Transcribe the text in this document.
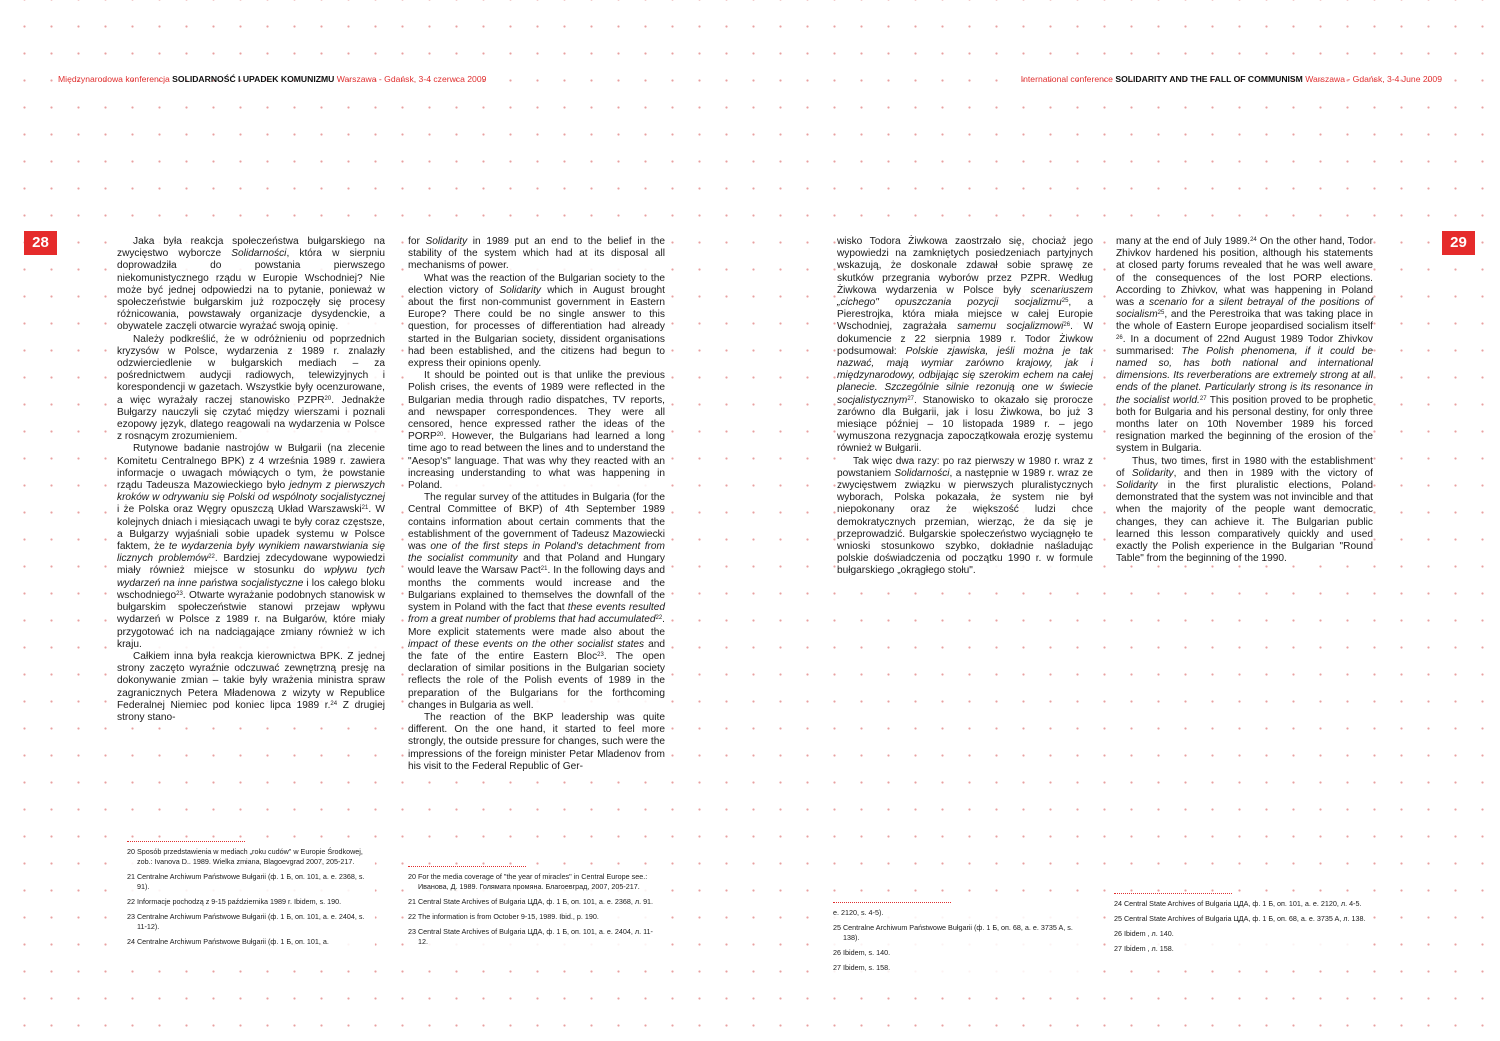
Międzynarodowa konferencja SOLIDARNOŚĆ I UPADEK KOMUNIZMU Warszawa - Gdańsk, 3-4 czerwca 2009	International conference SOLIDARITY AND THE FALL OF COMMUNISM Warszawa - Gdańsk, 3-4 June 2009
28	29

Jaka była reakcja społeczeństwa bułgarskiego na zwycięstwo wyborcze Solidarności, która w sierpniu doprowadziła do powstania pierwszego niekomunistycznego rządu w Europie Wschodniej? Nie może być jednej odpowiedzi na to pytanie, ponieważ w społeczeństwie bułgarskim już rozpoczęły się procesy różnicowania, powstawały organizacje dysydenckie, a obywatele zaczęli otwarcie wyrażać swoją opinię.

Należy podkreślić, że w odróżnieniu od poprzednich kryzysów w Polsce, wydarzenia z 1989 r. znalazły odzwierciedlenie w bułgarskich mediach – za pośrednictwem audycji radiowych, telewizyjnych i korespondencji w gazetach. Wszystkie były ocenzurowane, a więc wyrażały raczej stanowisko PZPR$^{20}$. Jednakże Bułgarzy nauczyli się czytać między wierszami i poznali ezopowy język, dlatego reagowali na wydarzenia w Polsce z rosnącym zrozumieniem.

Rutynowe badanie nastrojów w Bułgarii (na zlecenie Komitetu Centralnego BPK) z 4 września 1989 r. zawiera informacje o uwagach mówiących o tym, że powstanie rządu Tadeusza Mazowieckiego było jednym z pierwszych kroków w odrywaniu się Polski od wspólnoty socjalistycznej i że Polska oraz Węgry opuszczą Układ Warszawski$^{21}$. W kolejnych dniach i miesiącach uwagi te były coraz częstsze, a Bułgarzy wyjaśniali sobie upadek systemu w Polsce faktem, że te wydarzenia były wynikiem nawarstwiania się licznych problemów$^{22}$. Bardziej zdecydowane wypowiedzi miały również miejsce w stosunku do wpływu tych wydarzeń na inne państwa socjalistyczne i los całego bloku wschodniego$^{23}$. Otwarte wyrażanie podobnych stanowisk w bułgarskim społeczeństwie stanowi przejaw wpływu wydarzeń w Polsce z 1989 r. na Bułgarów, które miały przygotować ich na nadciągające zmiany również w ich kraju.

Całkiem inna była reakcja kierownictwa BPK. Z jednej strony zaczęto wyraźnie odczuwać zewnętrzną presję na dokonywanie zmian – takie były wrażenia ministra spraw zagranicznych Petera Mładenowa z wizyty w Republice Federalnej Niemiec pod koniec lipca 1989 r.$^{24}$ Z drugiej strony stano-

for Solidarity in 1989 put an end to the belief in the stability of the system which had at its disposal all mechanisms of power.

What was the reaction of the Bulgarian society to the election victory of Solidarity which in August brought about the first non-communist government in Eastern Europe? There could be no single answer to this question, for processes of differentiation had already started in the Bulgarian society, dissident organisations had been established, and the citizens had begun to express their opinions openly.

It should be pointed out is that unlike the previous Polish crises, the events of 1989 were reflected in the Bulgarian media through radio dispatches, TV reports, and newspaper correspondences. They were all censored, hence expressed rather the ideas of the PORP$^{20}$. However, the Bulgarians had learned a long time ago to read between the lines and to understand the "Aesop's" language. That was why they reacted with an increasing understanding to what was happening in Poland.

The regular survey of the attitudes in Bulgaria (for the Central Committee of BKP) of 4th September 1989 contains information about certain comments that the establishment of the government of Tadeusz Mazowiecki was one of the first steps in Poland's detachment from the socialist community and that Poland and Hungary would leave the Warsaw Pact$^{21}$. In the following days and months the comments would increase and the Bulgarians explained to themselves the downfall of the system in Poland with the fact that these events resulted from a great number of problems that had accumulated$^{22}$. More explicit statements were made also about the impact of these events on the other socialist states and the fate of the entire Eastern Bloc$^{23}$. The open declaration of similar positions in the Bulgarian society reflects the role of the Polish events of 1989 in the preparation of the Bulgarians for the forthcoming changes in Bulgaria as well.

The reaction of the BKP leadership was quite different. On the one hand, it started to feel more strongly, the outside pressure for changes, such were the impressions of the foreign minister Petar Mladenov from his visit to the Federal Republic of Ger-

wisko Todora Żiwkowa zaostrzało się, chociaż jego wypowiedzi na zamkniętych posiedzeniach partyjnych wskazują, że doskonale zdawał sobie sprawę ze skutków przegrania wyborów przez PZPR. Według Żiwkowa wydarzenia w Polsce były scenariuszem „cichego" opuszczania pozycji socjalizmu$^{25}$, a Pierestrojka, która miała miejsce w całej Europie Wschodniej, zagrażała samemu socjalizmowi$^{26}$. W dokumencie z 22 sierpnia 1989 r. Todor Żiwkow podsumował: Polskie zjawiska, jeśli można je tak nazwać, mają wymiar zarówno krajowy, jak i międzynarodowy, odbijając się szerokim echem na całej planecie. Szczególnie silnie rezonują one w świecie socjalistycznym$^{27}$. Stanowisko to okazało się prorocze zarówno dla Bułgarii, jak i losu Żiwkowa, bo już 3 miesiące później – 10 listopada 1989 r. – jego wymuszona rezygnacja zapoczątkowała erozję systemu również w Bułgarii.

Tak więc dwa razy: po raz pierwszy w 1980 r. wraz z powstaniem Solidarności, a następnie w 1989 r. wraz ze zwycięstwem związku w pierwszych pluralistycznych wyborach, Polska pokazała, że system nie był niepokonany oraz że większość ludzi chce demokratycznych przemian, wierząc, że da się je przeprowadzić. Bułgarskie społeczeństwo wyciągnęło te wnioski stosunkowo szybko, dokładnie naśladując polskie doświadczenia od początku 1990 r. w formule bułgarskiego „okrągłego stołu".

many at the end of July 1989.24 On the other hand, Todor Zhivkov hardened his position, although his statements at closed party forums revealed that he was well aware of the consequences of the lost PORP elections. According to Zhivkov, what was happening in Poland was a scenario for a silent betrayal of the positions of socialism$^{25}$, and the Perestroika that was taking place in the whole of Eastern Europe jeopardised socialism itself $^{26}$. In a document of 22nd August 1989 Todor Zhivkov summarised: The Polish phenomena, if it could be named so, has both national and international dimensions. Its reverberations are extremely strong at all ends of the planet. Particularly strong is its resonance in the socialist world.$^{27}$ This position proved to be prophetic both for Bulgaria and his personal destiny, for only three months later on 10th November 1989 his forced resignation marked the beginning of the erosion of the system in Bulgaria.

Thus, two times, first in 1980 with the establishment of Solidarity, and then in 1989 with the victory of Solidarity in the first pluralistic elections, Poland demonstrated that the system was not invincible and that when the majority of the people want democratic changes, they can achieve it. The Bulgarian public learned this lesson comparatively quickly and used exactly the Polish experience in the Bulgarian "Round Table" from the beginning of the 1990.

20 Sposób przedstawienia w mediach „roku cudów" w Europie Środkowej, zob.: Ivanova D.. 1989. Wielka zmiana, Blagoevgrad 2007, 205-217.

21 Centralne Archiwum Państwowe Bułgarii (ф. 1 Б, оп. 101, a. e. 2368, s. 91).

22 Informacje pochodzą z 9-15 października 1989 r. Ibidem, s. 190.

23 Centralne Archiwum Państwowe Bułgarii (ф. 1 Б, оп. 101, a. e. 2404, s. 11-12).

24 Centralne Archiwum Państwowe Bułgarii (ф. 1 Б, оп. 101, a.

20 For the media coverage of "the year of miracles" in Central Europe see.: Иванова, Д. 1989. Голямата промяна. Благоевград, 2007, 205-217.

21 Central State Archives of Bulgaria ЦДА, ф. 1 Б, оп. 101, a. e. 2368, л. 91.

22 The information is from October 9-15, 1989. Ibid., p. 190.

23 Central State Archives of Bulgaria ЦДА, ф. 1 Б, оп. 101, a. e. 2404, л. 11-12.

e. 2120, s. 4-5).

25 Centralne Archiwum Państwowe Bułgarii (ф. 1 Б, оп. 68, a. e. 3735 A, s. 138).

26 Ibidem, s. 140.

27 Ibidem, s. 158.

24 Central State Archives of Bulgaria ЦДА, ф. 1 Б, оп. 101, a. e. 2120, л. 4-5.

25 Central State Archives of Bulgaria ЦДА, ф. 1 Б, оп. 68, a. e. 3735 A, л. 138.

26 Ibidem , л. 140.

27 Ibidem , л. 158.
